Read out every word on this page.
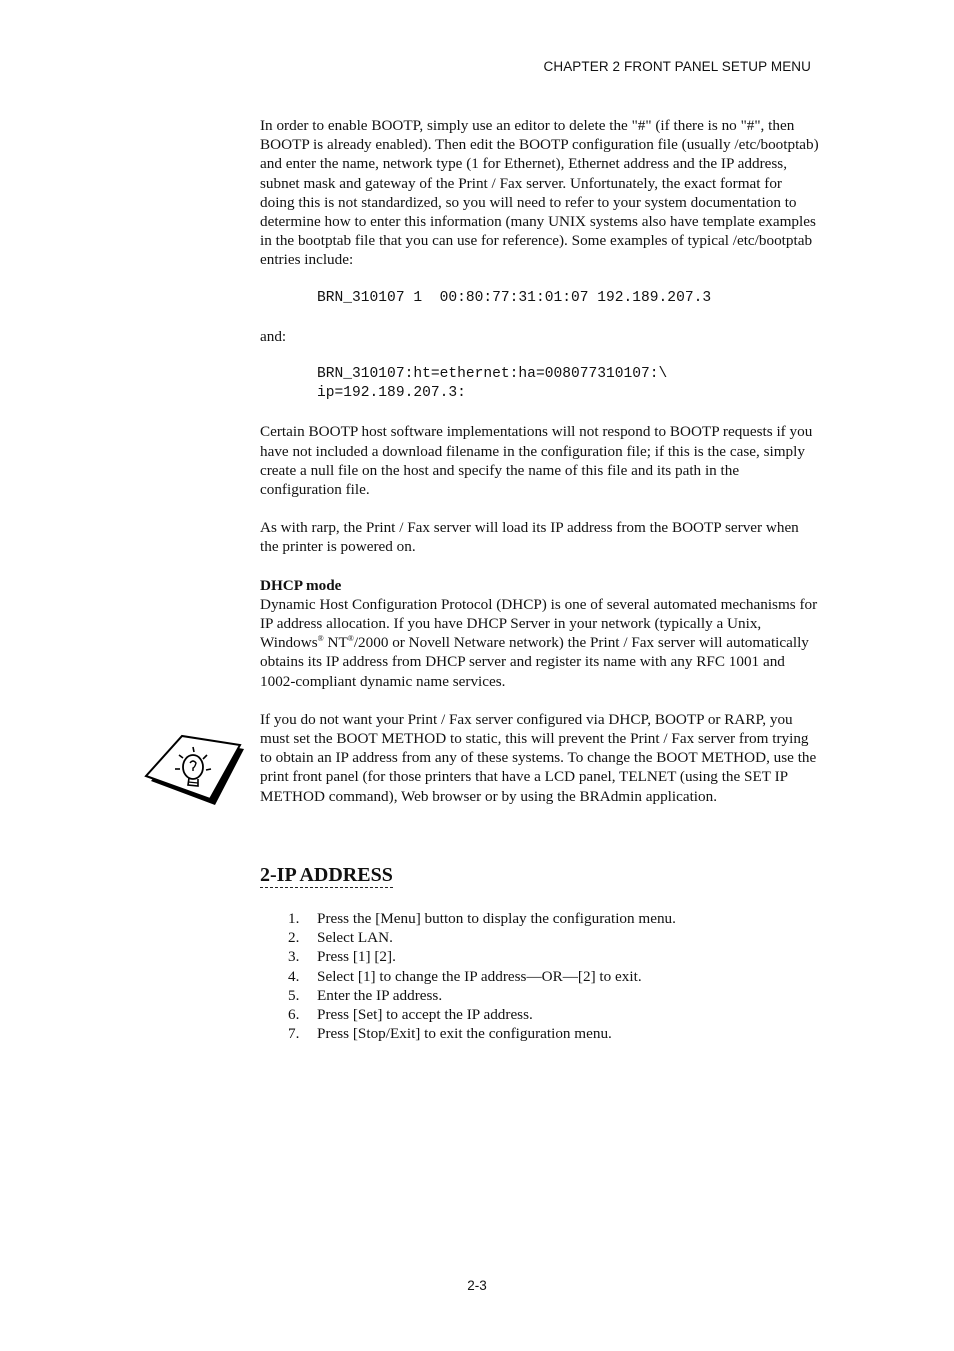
CHAPTER 2 FRONT PANEL SETUP MENU

In order to enable BOOTP, simply use an editor to delete the "#" (if there is no "#", then BOOTP is already enabled). Then edit the BOOTP configuration file (usually /etc/bootptab) and enter the name, network type (1 for Ethernet), Ethernet address and the IP address, subnet mask and gateway of the Print / Fax server. Unfortunately, the exact format for doing this is not standardized, so you will need to refer to your system documentation to determine how to enter this information (many UNIX systems also have template examples in the bootptab file that you can use for reference). Some examples of typical /etc/bootptab entries include:

BRN_310107 1  00:80:77:31:01:07 192.189.207.3

and:

BRN_310107:ht=ethernet:ha=008077310107:\
ip=192.189.207.3:

Certain BOOTP host software implementations will not respond to BOOTP requests if you have not included a download filename in the configuration file; if this is the case, simply create a null file on the host and specify the name of this file and its path in the configuration file.

As with rarp, the Print / Fax server will load its IP address from the BOOTP server when the printer is powered on.

DHCP mode

Dynamic Host Configuration Protocol (DHCP) is one of several automated mechanisms for IP address allocation. If you have DHCP Server in your network (typically a Unix, Windows® NT®/2000 or Novell Netware network) the Print / Fax server will automatically obtains its IP address from DHCP server and register its name with any RFC 1001 and 1002-compliant dynamic name services.

If you do not want your Print / Fax server configured via DHCP, BOOTP or RARP, you must set the BOOT METHOD to static, this will prevent the Print / Fax server from trying to obtain an IP address from any of these systems. To change the BOOT METHOD, use the print front panel (for those printers that have a LCD panel, TELNET (using the SET IP METHOD command), Web browser or by using the BRAdmin application.

2-IP ADDRESS
1. Press the [Menu] button to display the configuration menu.
2. Select LAN.
3. Press [1] [2].
4. Select [1] to change the IP address—OR—[2] to exit.
5. Enter the IP address.
6. Press [Set] to accept the IP address.
7. Press [Stop/Exit] to exit the configuration menu.
2-3
